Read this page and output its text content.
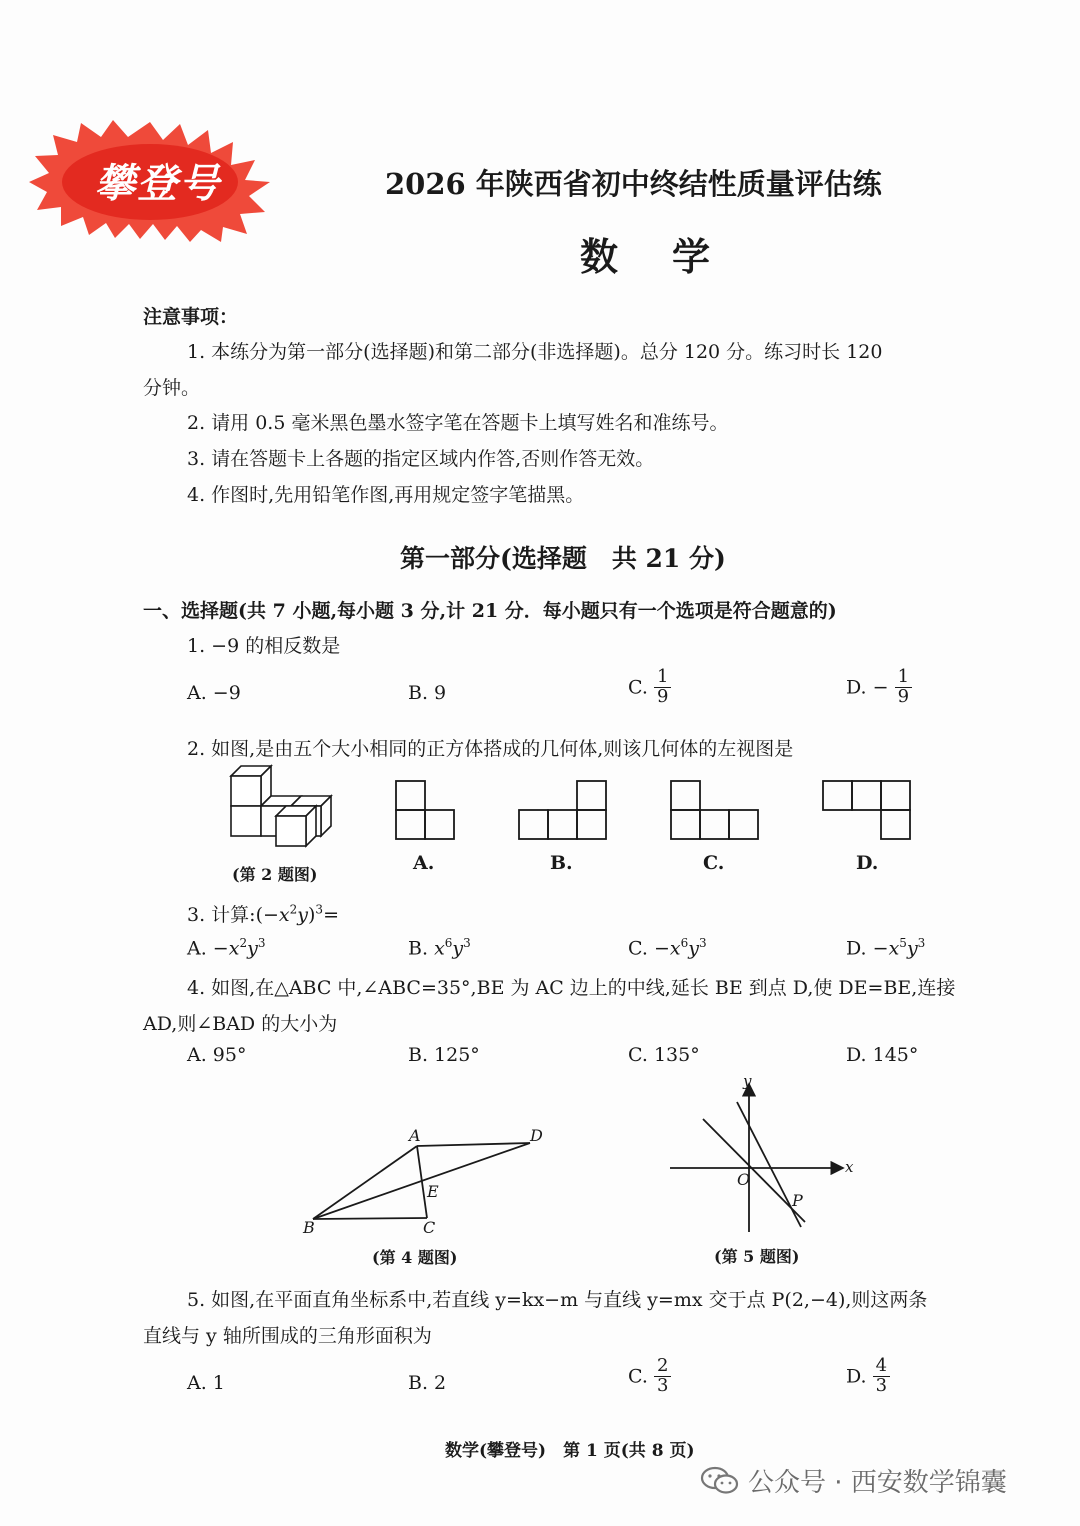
攀登号	2026 年陕西省初中终结性质量评估练
数　学
注意事项：
1. 本练分为第一部分(选择题)和第二部分(非选择题)。总分 120 分。练习时长 120
分钟。
2. 请用 0.5 毫米黑色墨水签字笔在答题卡上填写姓名和准练号。
3. 请在答题卡上各题的指定区域内作答,否则作答无效。
4. 作图时,先用铅笔作图,再用规定签字笔描黑。
第一部分(选择题　共 21 分)
一、选择题(共 7 小题,每小题 3 分,计 21 分．每小题只有一个选项是符合题意的)
1. −9 的相反数是
A. −9	B. 9	C. $\frac{1}{9}$	D. − $\frac{1}{9}$
2. 如图,是由五个大小相同的正方体搭成的几何体,则该几何体的左视图是
(第 2 题图)
A.	B.	C.	D.
3. 计算$:(-x^2y)^3=$
A. $-x^2y^3$	B. $x^6y^3$	C. $-x^6y^3$	D. $-x^5y^3$
4. 如图,在△ABC 中,∠ABC=35°,BE 为 AC 边上的中线,延长 BE 到点 D,使 DE=BE,连接
AD,则∠BAD 的大小为
A. 95°	B. 125°	C. 135°	D. 145°
A	D
E
B	C
(第 4 题图)
y
x
O
P
(第 5 题图)
5. 如图,在平面直角坐标系中,若直线 y=kx−m 与直线 y=mx 交于点 P(2,−4),则这两条
直线与 y 轴所围成的三角形面积为
A. 1	B. 2	C. $\frac{2}{3}$	D. $\frac{4}{3}$
数学(攀登号)　第 1 页(共 8 页)
公众号 · 西安数学锦囊
